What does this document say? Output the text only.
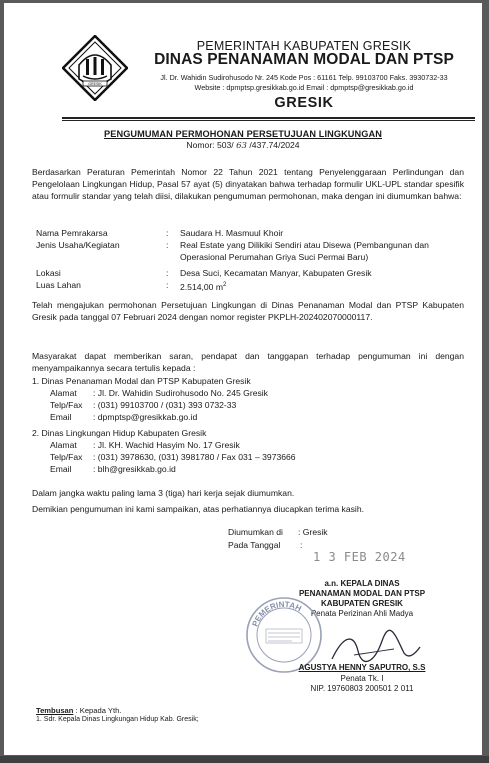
GRESIK
PEMERINTAH KABUPATEN GRESIK
DINAS PENANAMAN MODAL DAN PTSP
Jl. Dr. Wahidin Sudirohusodo Nr. 245 Kode Pos : 61161 Telp. 99103700 Faks. 3930732-33
Website : dpmptsp.gresikkab.go.id Email : dpmptsp@gresikkab.go.id
GRESIK
PENGUMUMAN PERMOHONAN PERSETUJUAN LINGKUNGAN
Nomor: 503/ 63 /437.74/2024
Berdasarkan Peraturan Pemerintah Nomor 22 Tahun 2021 tentang Penyelenggaraan Perlindungan dan Pengelolaan Lingkungan Hidup, Pasal 57 ayat (5) dinyatakan bahwa terhadap formulir UKL-UPL standar spesifik atau formulir standar yang telah diisi, dilakukan pengumuman permohonan, maka dengan ini diumumkan bahwa:
Nama Pemrakarsa	: Saudara H. Masmuul Khoir
Jenis Usaha/Kegiatan	: Real Estate yang Dilikiki Sendiri atau Disewa (Pembangunan dan Operasional Perumahan Griya Suci Permai Baru)
Lokasi	: Desa Suci, Kecamatan Manyar, Kabupaten Gresik
Luas Lahan	: 2.514,00 $m^2$
Telah mengajukan permohonan Persetujuan Lingkungan di Dinas Penanaman Modal dan PTSP Kabupaten Gresik pada tanggal 07 Februari 2024 dengan nomor register PKPLH-202402070000117.
Masyarakat dapat memberikan saran, pendapat dan tanggapan terhadap pengumuman ini dengan menyampaikannya secara tertulis kepada :
1. Dinas Penanaman Modal dan PTSP Kabupaten Gresik
Alamat : Jl. Dr. Wahidin Sudirohusodo No. 245 Gresik
Telp/Fax : (031) 99103700 / (031) 393 0732-33
Email	: dpmptsp@gresikkab.go.id
2. Dinas Lingkungan Hidup Kabupaten Gresik
Alamat : Jl. KH. Wachid Hasyim No. 17 Gresik
Telp/Fax : (031) 3978630, (031) 3981780 / Fax 031 – 3973666
Email	: blh@gresikkab.go.id
Dalam jangka waktu paling lama 3 (tiga) hari kerja sejak diumumkan.
Demikian pengumuman ini kami sampaikan, atas perhatiannya diucapkan terima kasih.
Diumumkan di : Gresik
Pada Tanggal :
1 3 FEB 2024
a.n. KEPALA DINAS
PENANAMAN MODAL DAN PTSP
KABUPATEN GRESIK
Penata Perizinan Ahli Madya
PEMERINTAH
AGUSTYA HENNY SAPUTRO, S.S
Penata Tk. I
NIP. 19760803 200501 2 011
Tembusan : Kepada Yth.
1. Sdr. Kepala Dinas Lingkungan Hidup Kab. Gresik;
